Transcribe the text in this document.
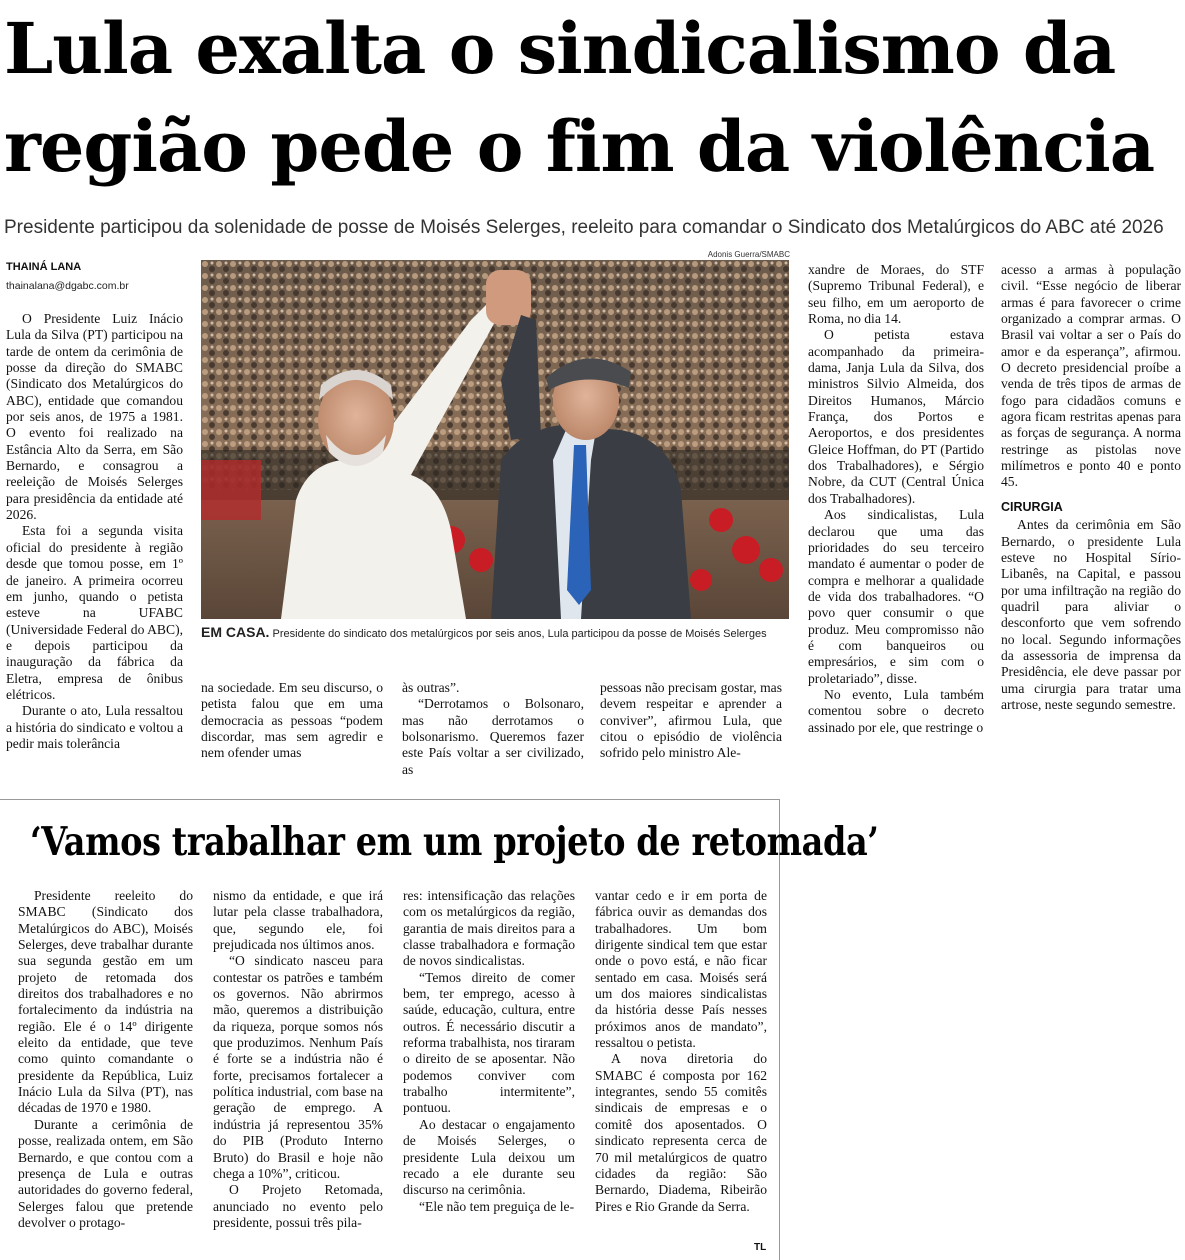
Lula exalta o sindicalismo da
região pede o fim da violência

Presidente participou da solenidade de posse de Moisés Selerges, reeleito para comandar o Sindicato dos Metalúrgicos do ABC até 2026

THAINÁ LANA
thainalana@dgabc.com.br
Adonis Guerra/SMABC
EM CASA. Presidente do sindicato dos metalúrgicos por seis anos, Lula participou da posse de Moisés Selerges

O Presidente Luiz Inácio Lula da Silva (PT) participou na tarde de ontem da cerimônia de posse da direção do SMABC (Sindicato dos Metalúrgicos do ABC), entidade que comandou por seis anos, de 1975 a 1981. O evento foi realizado na Estância Alto da Serra, em São Bernardo, e consagrou a reeleição de Moisés Selerges para presidência da entidade até 2026.

Esta foi a segunda visita oficial do presidente à região desde que tomou posse, em 1º de janeiro. A primeira ocorreu em junho, quando o petista esteve na UFABC (Universidade Federal do ABC), e depois participou da inauguração da fábrica da Eletra, empresa de ônibus elétricos.

Durante o ato, Lula ressaltou a história do sindicato e voltou a pedir mais tolerância

na sociedade. Em seu discurso, o petista falou que em uma democracia as pessoas “podem discordar, mas sem agredir e nem ofender umas

às outras”.

“Derrotamos o Bolsonaro, mas não derrotamos o bolsonarismo. Queremos fazer este País voltar a ser civilizado, as

pessoas não precisam gostar, mas devem respeitar e aprender a conviver”, afirmou Lula, que citou o episódio de violência sofrido pelo ministro Ale-

xandre de Moraes, do STF (Supremo Tribunal Federal), e seu filho, em um aeroporto de Roma, no dia 14.

O petista estava acompanhado da primeira-dama, Janja Lula da Silva, dos ministros Silvio Almeida, dos Direitos Humanos, Márcio França, dos Portos e Aeroportos, e dos presidentes Gleice Hoffman, do PT (Partido dos Trabalhadores), e Sérgio Nobre, da CUT (Central Única dos Trabalhadores).

Aos sindicalistas, Lula declarou que uma das prioridades do seu terceiro mandato é aumentar o poder de compra e melhorar a qualidade de vida dos trabalhadores. “O povo quer consumir o que produz. Meu compromisso não é com banqueiros ou empresários, e sim com o proletariado”, disse.

No evento, Lula também comentou sobre o decreto assinado por ele, que restringe o

acesso a armas à população civil. “Esse negócio de liberar armas é para favorecer o crime organizado a comprar armas. O Brasil vai voltar a ser o País do amor e da esperança”, afirmou. O decreto presidencial proíbe a venda de três tipos de armas de fogo para cidadãos comuns e agora ficam restritas apenas para as forças de segurança. A norma restringe as pistolas nove milímetros e ponto 40 e ponto 45.

CIRURGIA

Antes da cerimônia em São Bernardo, o presidente Lula esteve no Hospital Sírio-Libanês, na Capital, e passou por uma infiltração na região do quadril para aliviar o desconforto que vem sofrendo no local. Segundo informações da assessoria de imprensa da Presidência, ele deve passar por uma cirurgia para tratar uma artrose, neste segundo semestre.

‘Vamos trabalhar em um projeto de retomada’

Presidente reeleito do SMABC (Sindicato dos Metalúrgicos do ABC), Moisés Selerges, deve trabalhar durante sua segunda gestão em um projeto de retomada dos direitos dos trabalhadores e no fortalecimento da indústria na região. Ele é o 14º dirigente eleito da entidade, que teve como quinto comandante o presidente da República, Luiz Inácio Lula da Silva (PT), nas décadas de 1970 e 1980.

Durante a cerimônia de posse, realizada ontem, em São Bernardo, e que contou com a presença de Lula e outras autoridades do governo federal, Selerges falou que pretende devolver o protago-

nismo da entidade, e que irá lutar pela classe trabalhadora, que, segundo ele, foi prejudicada nos últimos anos.

“O sindicato nasceu para contestar os patrões e também os governos. Não abrirmos mão, queremos a distribuição da riqueza, porque somos nós que produzimos. Nenhum País é forte se a indústria não é forte, precisamos fortalecer a política industrial, com base na geração de emprego. A indústria já representou 35% do PIB (Produto Interno Bruto) do Brasil e hoje não chega a 10%”, criticou.

O Projeto Retomada, anunciado no evento pelo presidente, possui três pila-

res: intensificação das relações com os metalúrgicos da região, garantia de mais direitos para a classe trabalhadora e formação de novos sindicalistas.

“Temos direito de comer bem, ter emprego, acesso à saúde, educação, cultura, entre outros. É necessário discutir a reforma trabalhista, nos tiraram o direito de se aposentar. Não podemos conviver com trabalho intermitente”, pontuou.

Ao destacar o engajamento de Moisés Selerges, o presidente Lula deixou um recado a ele durante seu discurso na cerimônia.

“Ele não tem preguiça de le-

vantar cedo e ir em porta de fábrica ouvir as demandas dos trabalhadores. Um bom dirigente sindical tem que estar onde o povo está, e não ficar sentado em casa. Moisés será um dos maiores sindicalistas da história desse País nesses próximos anos de mandato”, ressaltou o petista.

A nova diretoria do SMABC é composta por 162 integrantes, sendo 55 comitês sindicais de empresas e o comitê dos aposentados. O sindicato representa cerca de 70 mil metalúrgicos de quatro cidades da região: São Bernardo, Diadema, Ribeirão Pires e Rio Grande da Serra.

TL
